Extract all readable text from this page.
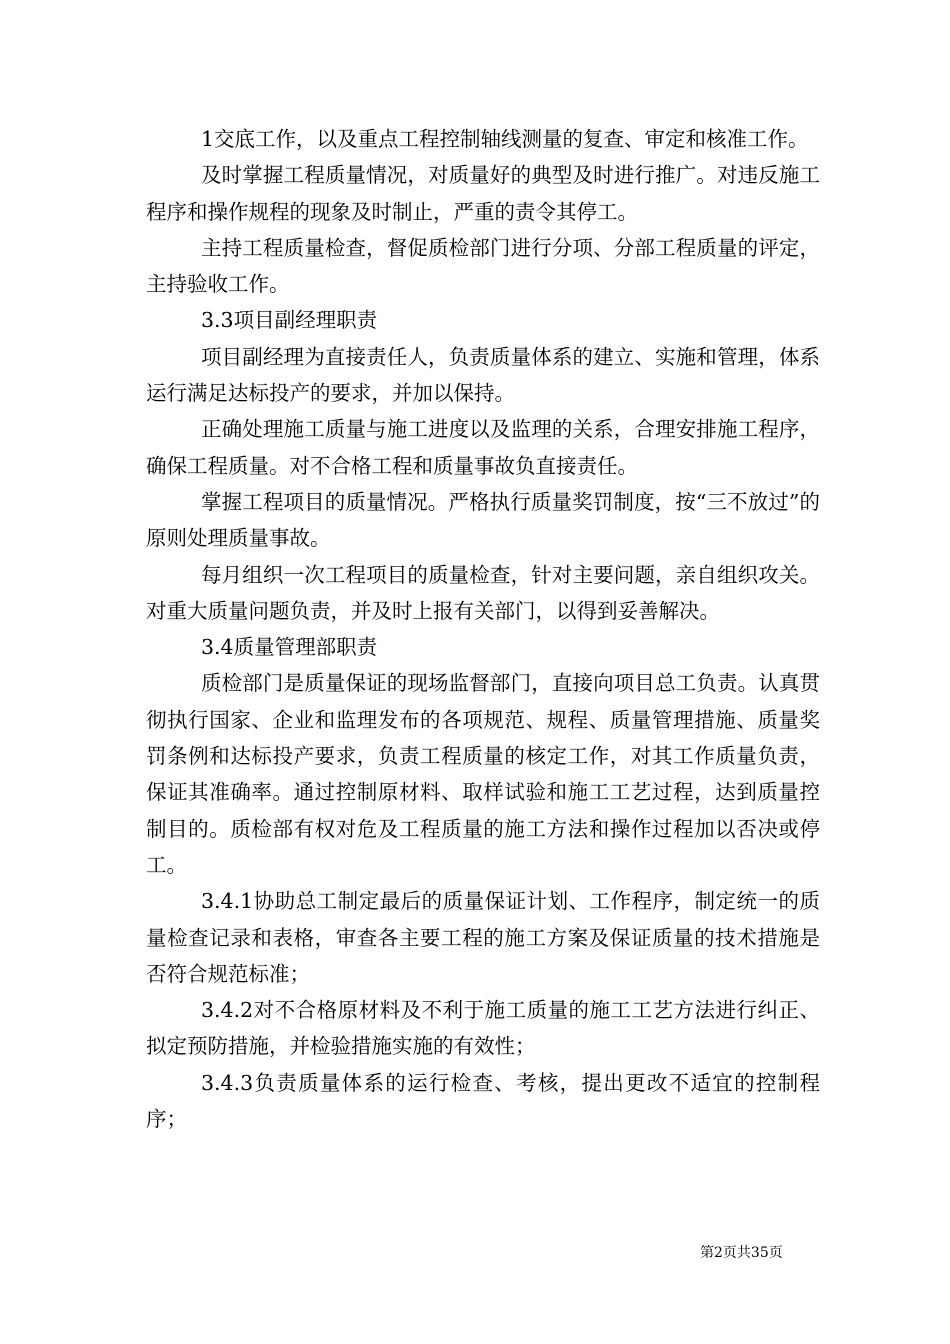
1交底工作，以及重点工程控制轴线测量的复查、审定和核准工作。

及时掌握工程质量情况，对质量好的典型及时进行推广。对违反施工程序和操作规程的现象及时制止，严重的责令其停工。

主持工程质量检查，督促质检部门进行分项、分部工程质量的评定，主持验收工作。

3.3项目副经理职责

项目副经理为直接责任人，负责质量体系的建立、实施和管理，体系运行满足达标投产的要求，并加以保持。

正确处理施工质量与施工进度以及监理的关系，合理安排施工程序，确保工程质量。对不合格工程和质量事故负直接责任。

掌握工程项目的质量情况。严格执行质量奖罚制度，按“三不放过”的原则处理质量事故。

每月组织一次工程项目的质量检查，针对主要问题，亲自组织攻关。对重大质量问题负责，并及时上报有关部门，以得到妥善解决。

3.4质量管理部职责

质检部门是质量保证的现场监督部门，直接向项目总工负责。认真贯彻执行国家、企业和监理发布的各项规范、规程、质量管理措施、质量奖罚条例和达标投产要求，负责工程质量的核定工作，对其工作质量负责，保证其准确率。通过控制原材料、取样试验和施工工艺过程，达到质量控制目的。质检部有权对危及工程质量的施工方法和操作过程加以否决或停工。

3.4.1协助总工制定最后的质量保证计划、工作程序，制定统一的质量检查记录和表格，审查各主要工程的施工方案及保证质量的技术措施是否符合规范标准；

3.4.2对不合格原材料及不利于施工质量的施工工艺方法进行纠正、拟定预防措施，并检验措施实施的有效性；

3.4.3负责质量体系的运行检查、考核，提出更改不适宜的控制程序；

第2页共35页
